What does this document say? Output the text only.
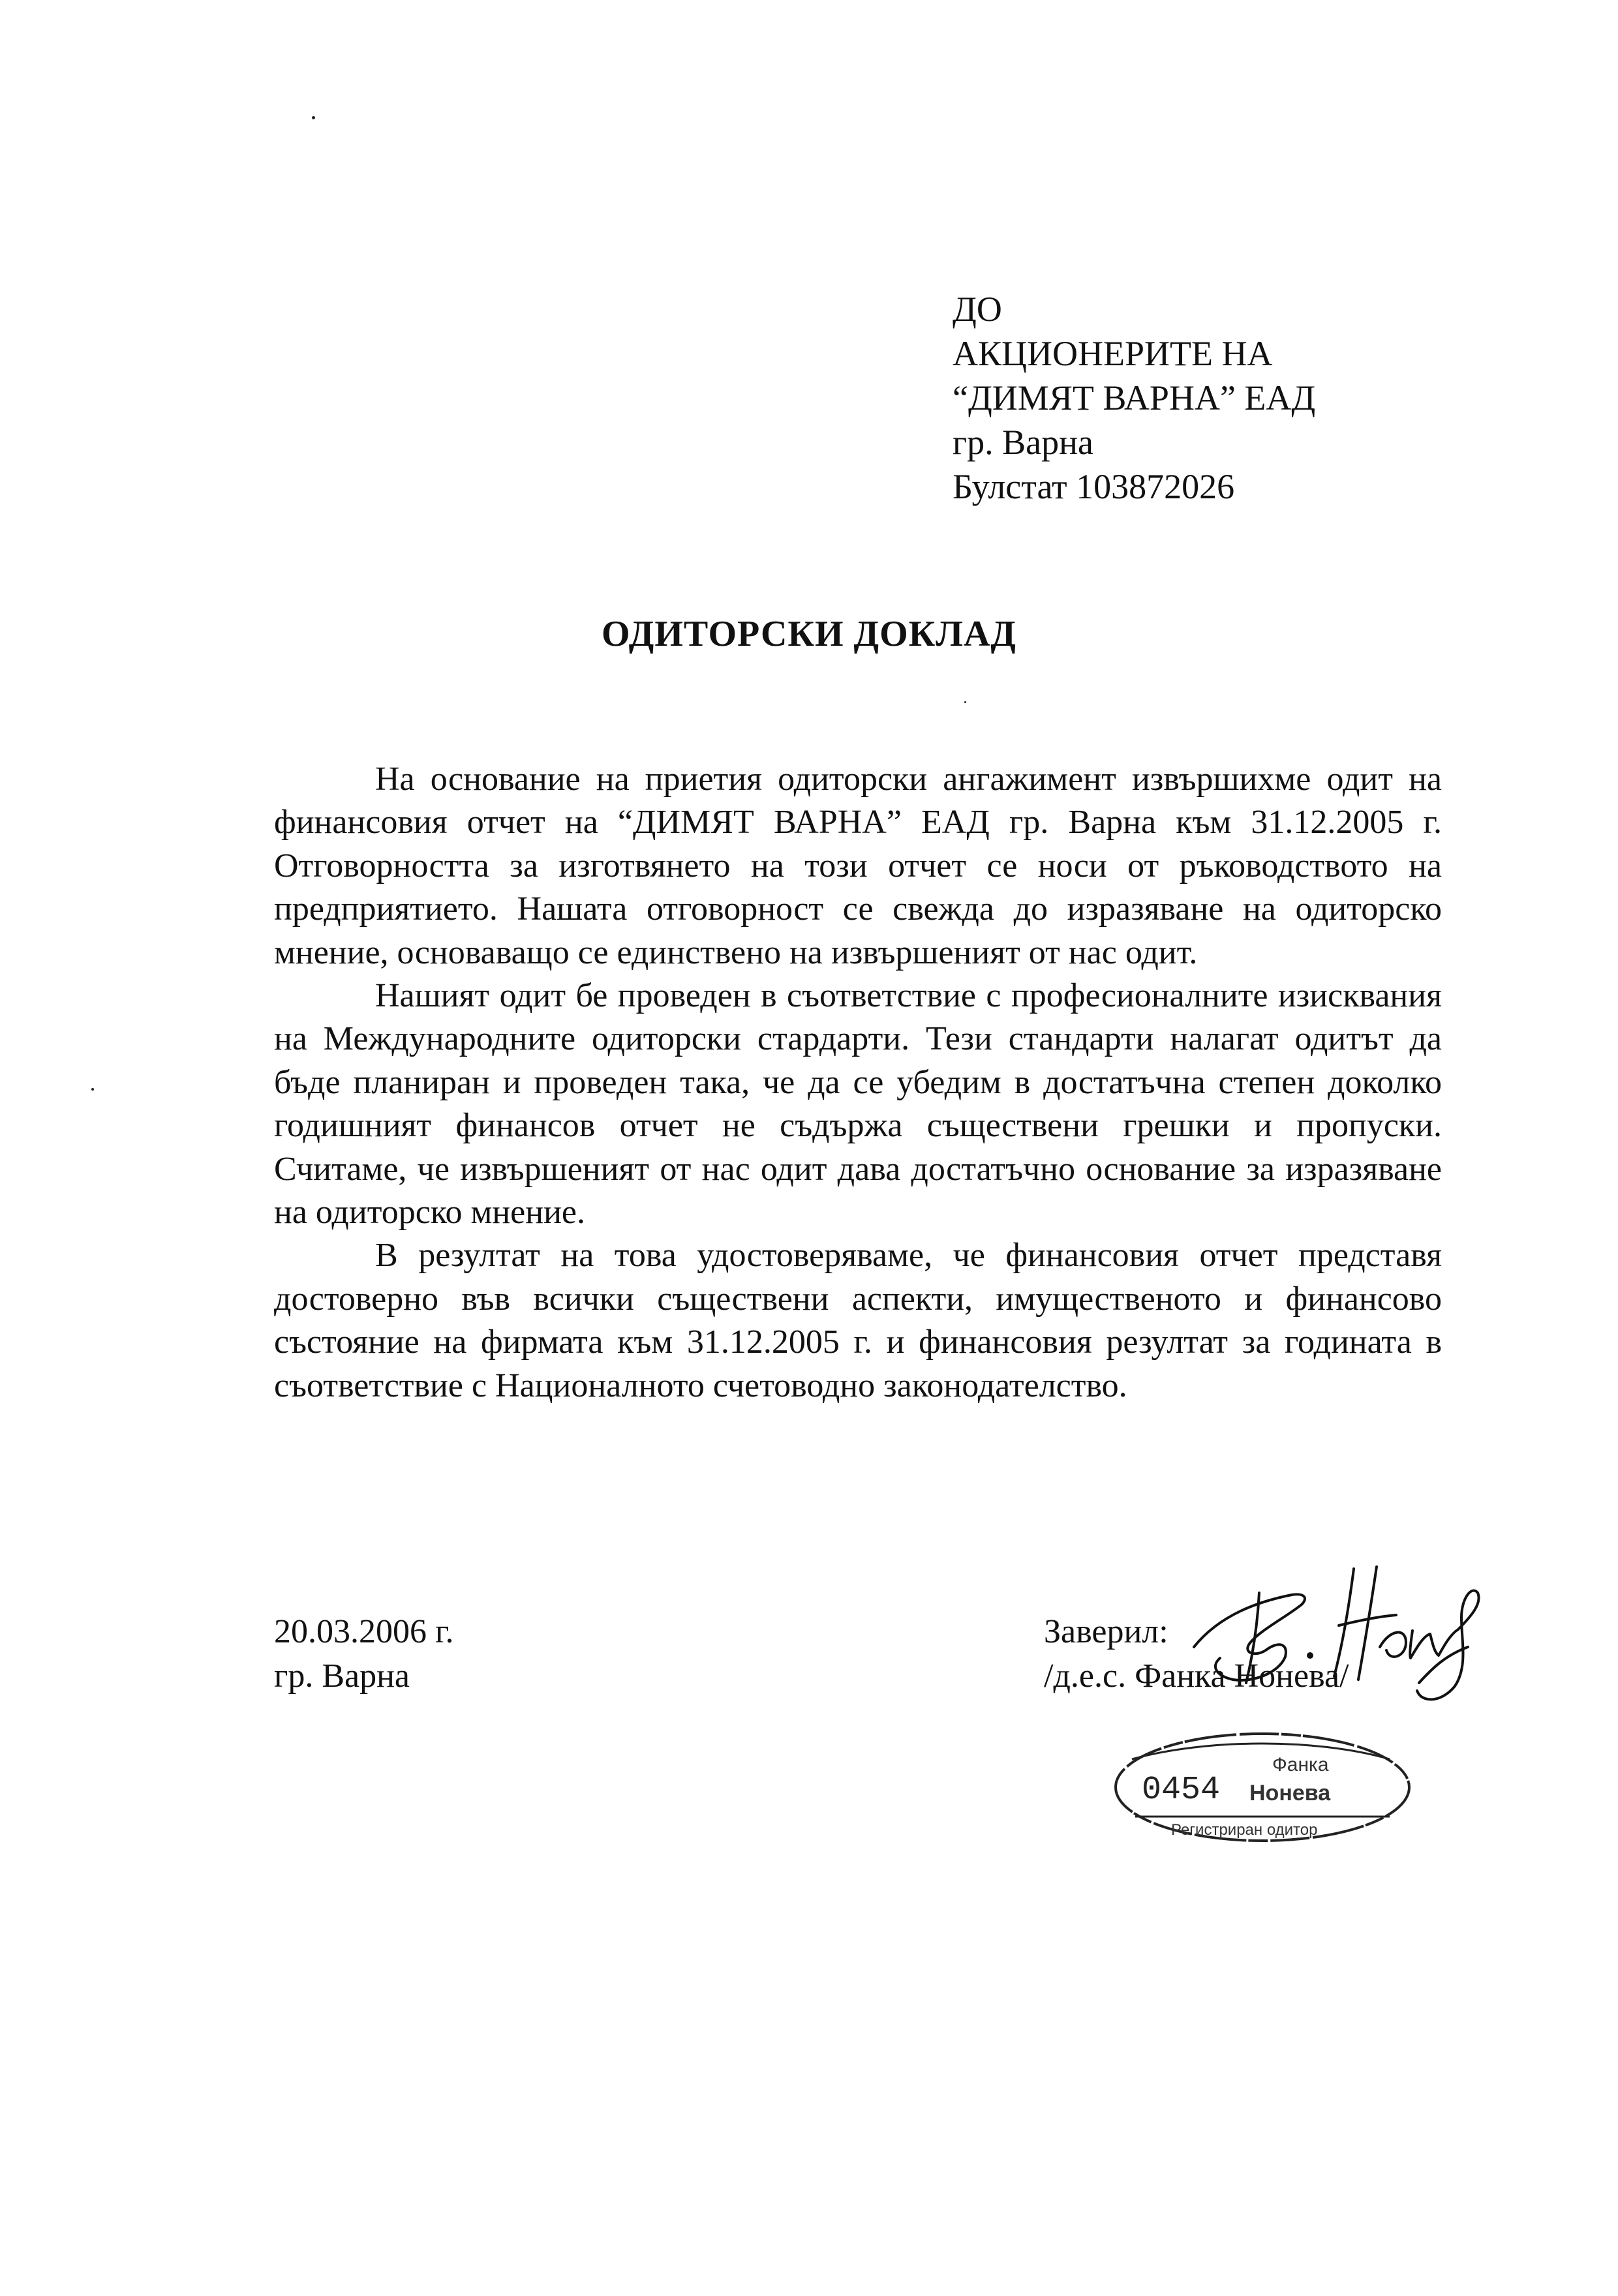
ДО
АКЦИОНЕРИТЕ НА
“ДИМЯТ ВАРНА” ЕАД
гр. Варна
Булстат 103872026
ОДИТОРСКИ ДОКЛАД

На основание на приетия одиторски ангажимент извършихме одит на финансовия отчет на “ДИМЯТ ВАРНА” ЕАД гр. Варна към 31.12.2005 г. Отговорността за изготвянето на този отчет се носи от ръководството на предприятието. Нашата отговорност се свежда до изразяване на одиторско мнение, основаващо се единствено на извършеният от нас одит.

Нашият одит бе проведен в съответствие с професионалните изисквания на Международните одиторски стардарти. Тези стандарти налагат одитът да бъде планиран и проведен така, че да се убедим в достатъчна степен доколко годишният финансов отчет не съдържа съществени грешки и пропуски. Считаме, че извършеният от нас одит дава достатъчно основание за изразяване на одиторско мнение.

В резултат на това удостоверяваме, че финансовия отчет представя достоверно във всички съществени аспекти, имущественото и финансово състояние на фирмата към 31.12.2005 г. и финансовия резултат за годината в съответствие с Националното счетоводно законодателство.

20.03.2006 г.
гр. Варна
Заверил:
/д.е.с. Фанка Нонева/
0454
Фанка
Нонева
Регистриран одитор
